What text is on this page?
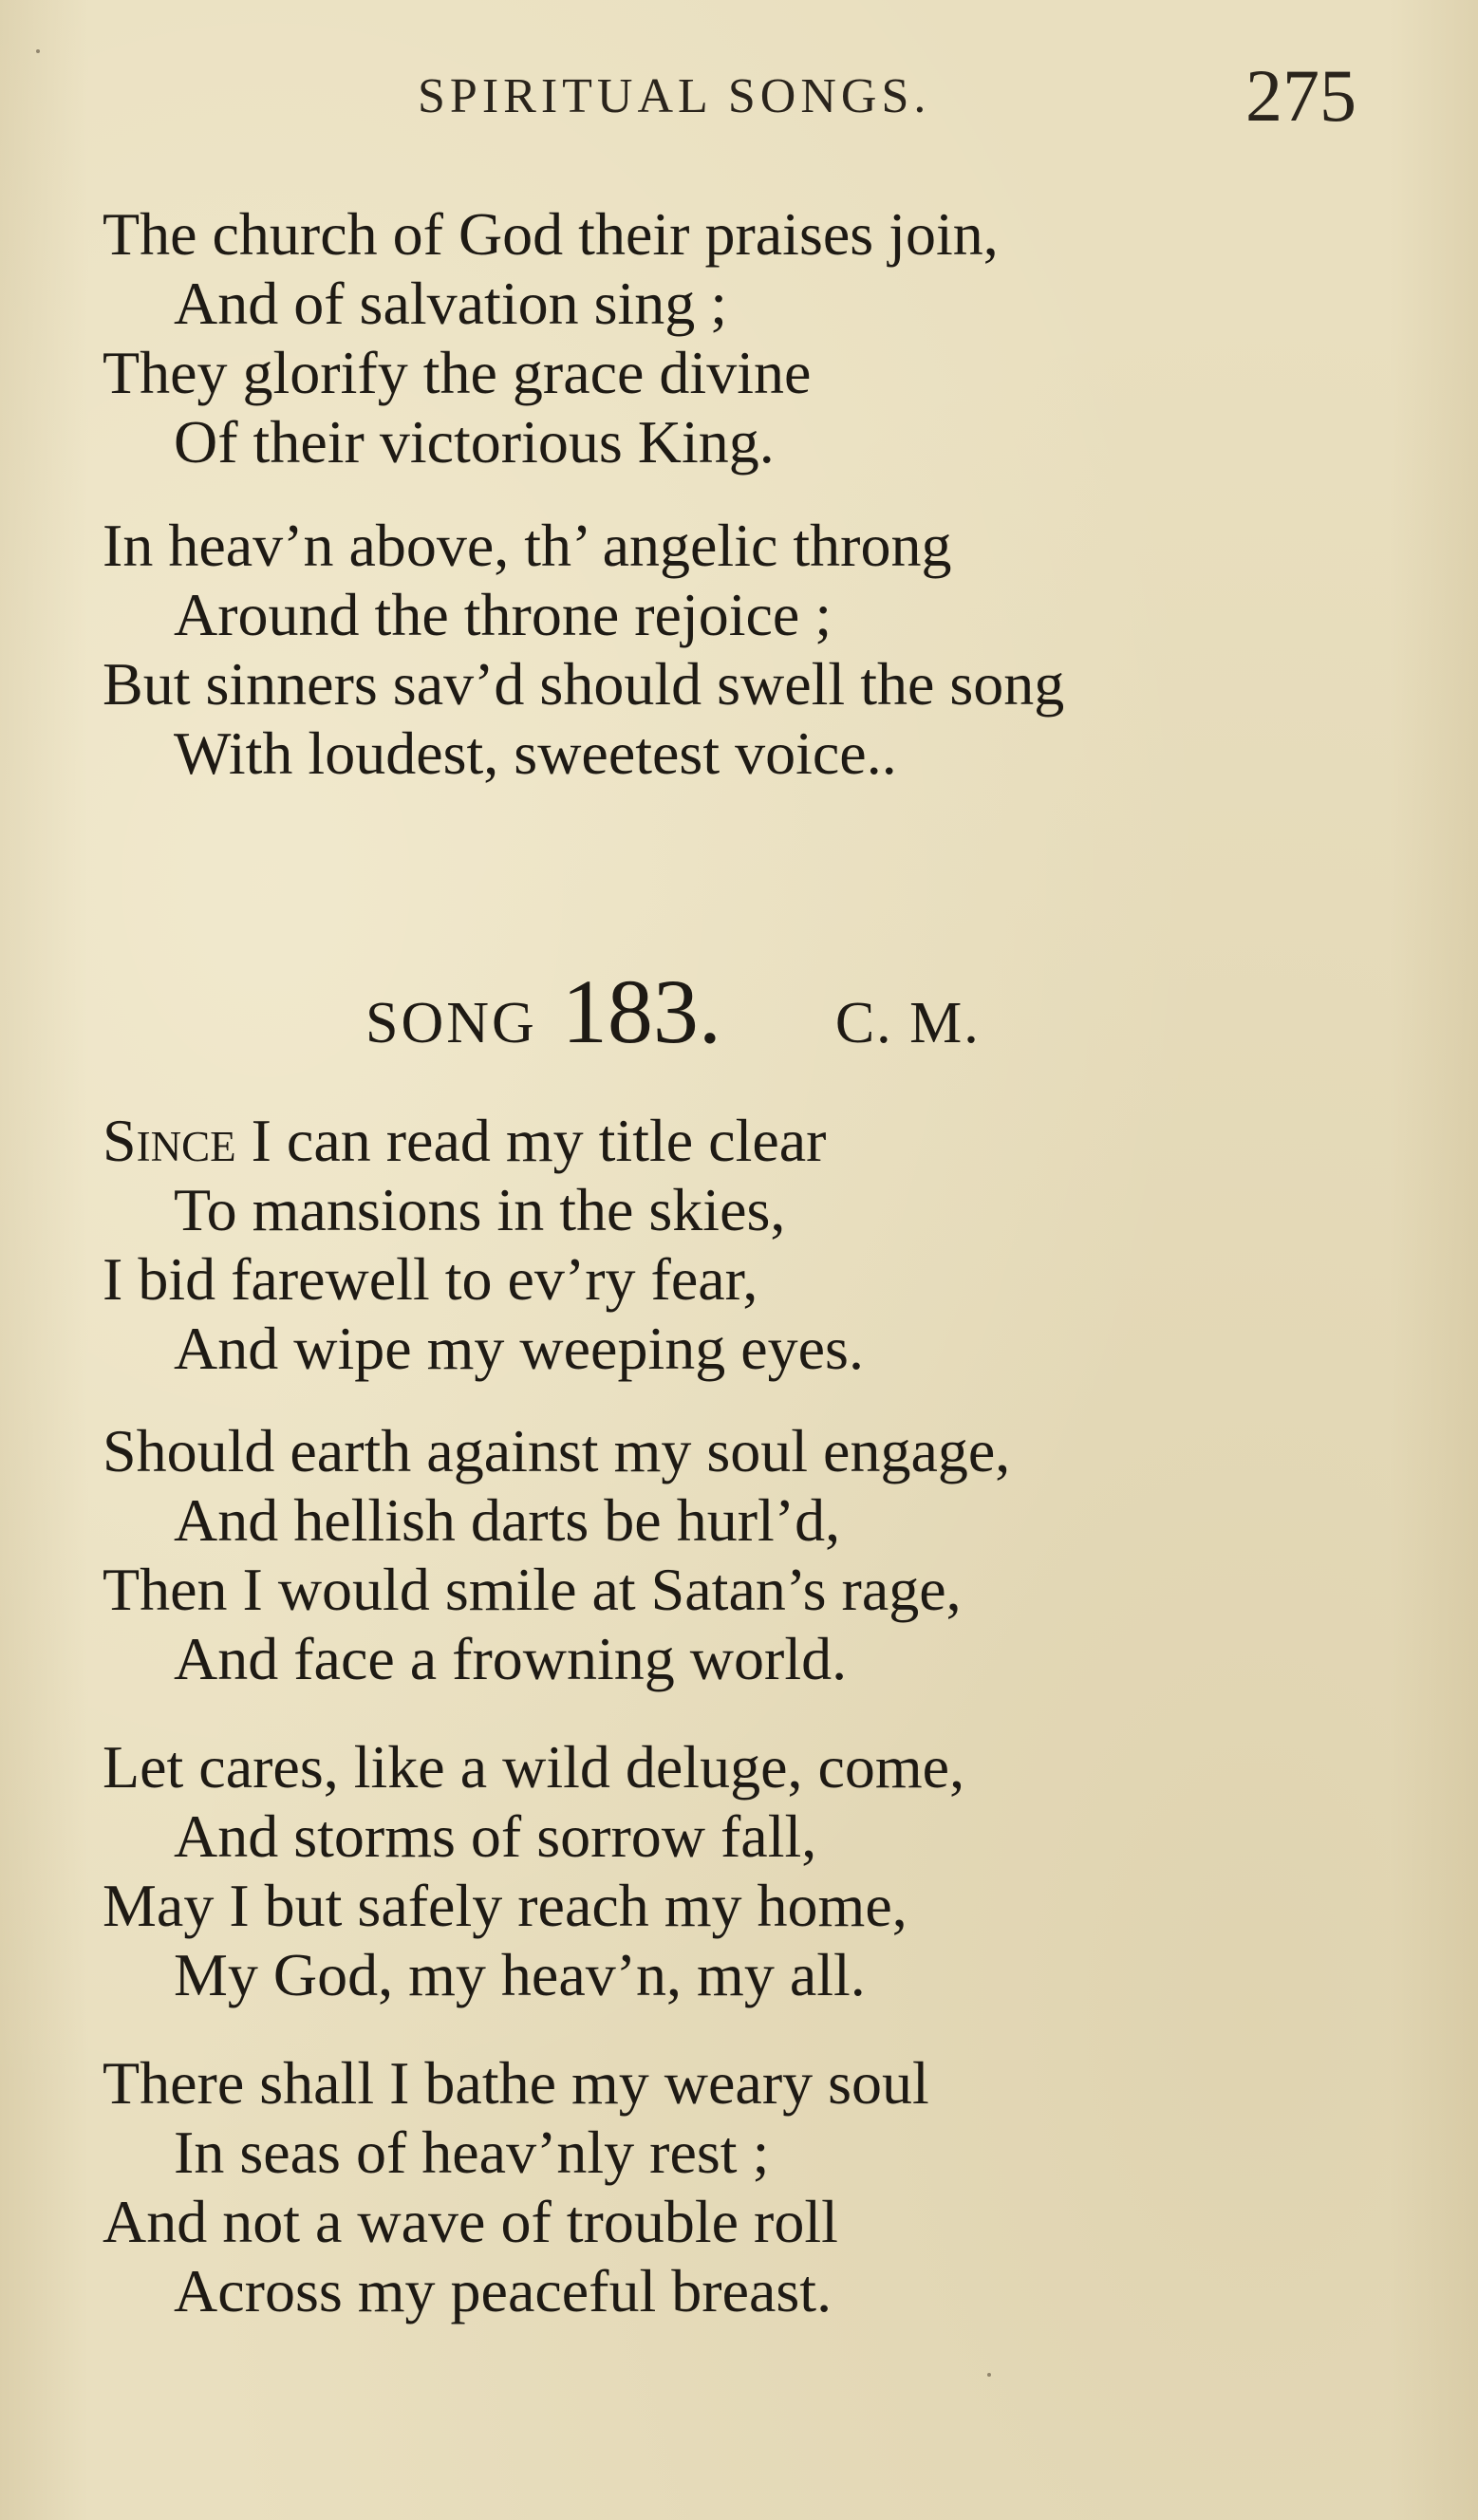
SPIRITUAL SONGS.	275
The church of God their praises join,
And of salvation sing ;
They glorify the grace divine
Of their victorious King.
In heav’n above, th’ angelic throng
Around the throne rejoice ;
But sinners sav’d should swell the song
With loudest, sweetest voice..
SONG 183. C. M.
Since I can read my title clear
To mansions in the skies,
I bid farewell to ev’ry fear,
And wipe my weeping eyes.
Should earth against my soul engage,
And hellish darts be hurl’d,
Then I would smile at Satan’s rage,
And face a frowning world.
Let cares, like a wild deluge, come,
And storms of sorrow fall,
May I but safely reach my home,
My God, my heav’n, my all.
There shall I bathe my weary soul
In seas of heav’nly rest ;
And not a wave of trouble roll
Across my peaceful breast.
